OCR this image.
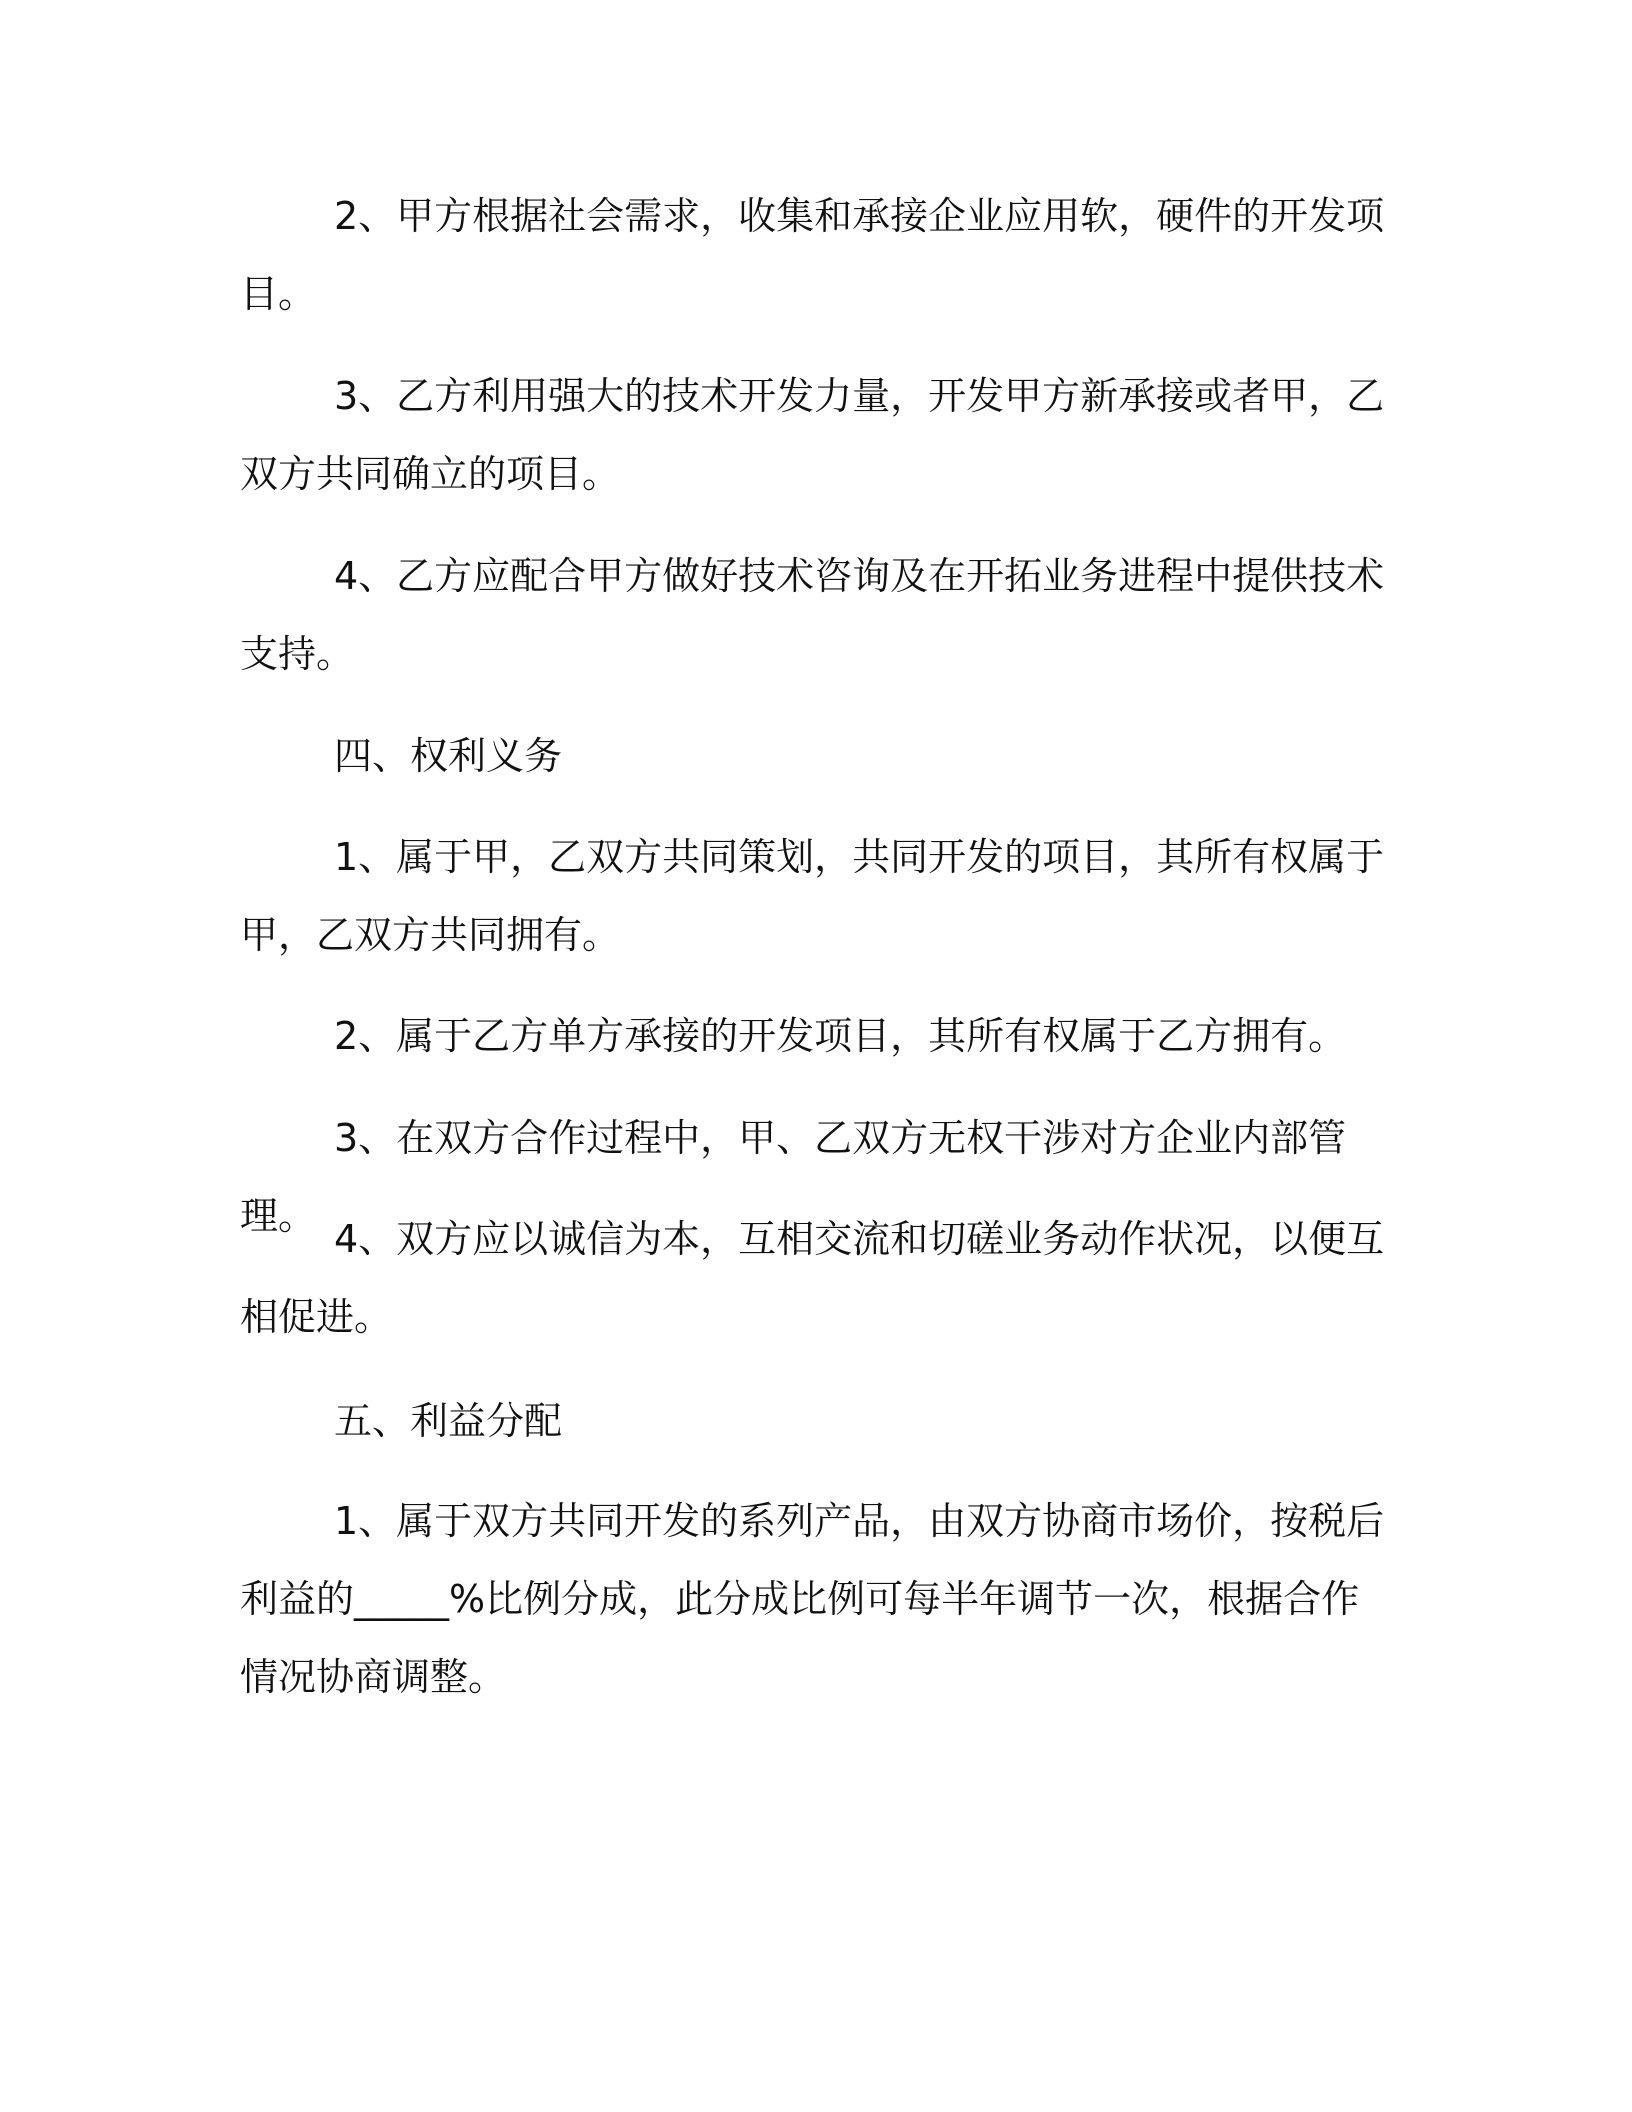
2、甲方根据社会需求，收集和承接企业应用软，硬件的开发项目。

3、乙方利用强大的技术开发力量，开发甲方新承接或者甲，乙双方共同确立的项目。

4、乙方应配合甲方做好技术咨询及在开拓业务进程中提供技术支持。

四、权利义务

1、属于甲，乙双方共同策划，共同开发的项目，其所有权属于甲，乙双方共同拥有。

2、属于乙方单方承接的开发项目，其所有权属于乙方拥有。

3、在双方合作过程中，甲、乙双方无权干涉对方企业内部管理。

4、双方应以诚信为本，互相交流和切磋业务动作状况，以便互相促进。

五、利益分配

1、属于双方共同开发的系列产品，由双方协商市场价，按税后利益的_____%比例分成，此分成比例可每半年调节一次，根据合作情况协商调整。
